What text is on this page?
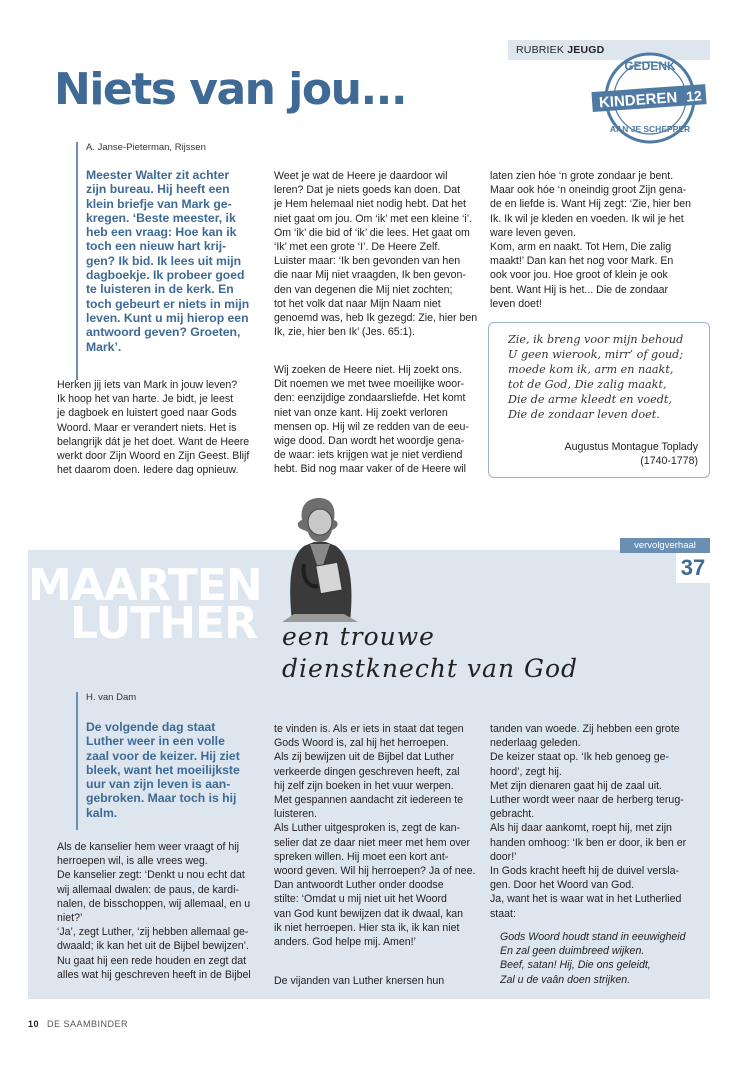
RUBRIEK JEUGD
GEDENK
KINDEREN 12
AAN JE SCHEPPER
Niets van jou...
A. Janse-Pieterman, Rijssen
Meester Walter zit achter
zijn bureau. Hij heeft een
klein briefje van Mark ge-
kregen. ‘Beste meester, ik
heb een vraag: Hoe kan ik
toch een nieuw hart krij-
gen? Ik bid. Ik lees uit mijn
dagboekje. Ik probeer goed
te luisteren in de kerk. En
toch gebeurt er niets in mijn
leven. Kunt u mij hierop een
antwoord geven? Groeten,
Mark’.
Herken jij iets van Mark in jouw leven?
Ik hoop het van harte. Je bidt, je leest
je dagboek en luistert goed naar Gods
Woord. Maar er verandert niets. Het is
belangrijk dát je het doet. Want de Heere
werkt door Zijn Woord en Zijn Geest. Blijf
het daarom doen. Iedere dag opnieuw.
Weet je wat de Heere je daardoor wil
leren? Dat je niets goeds kan doen. Dat
je Hem helemaal niet nodig hebt. Dat het
niet gaat om jou. Om ‘ik’ met een kleine ‘i’.
Om ‘ik’ die bid of ‘ik’ die lees. Het gaat om
‘Ik’ met een grote ‘I’. De Heere Zelf.
Luister maar: ‘Ik ben gevonden van hen
die naar Mij niet vraagden, Ik ben gevon-
den van degenen die Mij niet zochten;
tot het volk dat naar Mijn Naam niet
genoemd was, heb Ik gezegd: Zie, hier ben
Ik, zie, hier ben Ik’ (Jes. 65:1).
Wij zoeken de Heere niet. Hij zoekt ons.
Dit noemen we met twee moeilijke woor-
den: eenzijdige zondaarsliefde. Het komt
niet van onze kant. Hij zoekt verloren
mensen op. Hij wil ze redden van de eeu-
wige dood. Dan wordt het woordje gena-
de waar: iets krijgen wat je niet verdiend
hebt. Bid nog maar vaker of de Heere wil
laten zien hóe ‘n grote zondaar je bent.
Maar ook hóe ‘n oneindig groot Zijn gena-
de en liefde is. Want Hij zegt: ‘Zie, hier ben
Ik. Ik wil je kleden en voeden. Ik wil je het
ware leven geven.
Kom, arm en naakt. Tot Hem, Die zalig
maakt!’ Dan kan het nog voor Mark. En
ook voor jou. Hoe groot of klein je ook
bent. Want Hij is het... Die de zondaar
leven doet!
Zie, ik breng voor mijn behoud
U geen wierook, mirr’ of goud;
moede kom ik, arm en naakt,
tot de God, Die zalig maakt,
Die de arme kleedt en voedt,
Die de zondaar leven doet.
Augustus Montague Toplady
(1740-1778)
vervolgverhaal
37
MAARTEN
LUTHER een trouwe
dienstknecht van God
H. van Dam
De volgende dag staat
Luther weer in een volle
zaal voor de keizer. Hij ziet
bleek, want het moeilijkste
uur van zijn leven is aan-
gebroken. Maar toch is hij
kalm.
Als de kanselier hem weer vraagt of hij
herroepen wil, is alle vrees weg.
De kanselier zegt: ‘Denkt u nou echt dat
wij allemaal dwalen: de paus, de kardi-
nalen, de bisschoppen, wij allemaal, en u
niet?’
‘Ja’, zegt Luther, ‘zij hebben allemaal ge-
dwaald; ik kan het uit de Bijbel bewijzen’.
Nu gaat hij een rede houden en zegt dat
alles wat hij geschreven heeft in de Bijbel
te vinden is. Als er iets in staat dat tegen
Gods Woord is, zal hij het herroepen.
Als zij bewijzen uit de Bijbel dat Luther
verkeerde dingen geschreven heeft, zal
hij zelf zijn boeken in het vuur werpen.
Met gespannen aandacht zit iedereen te
luisteren.
Als Luther uitgesproken is, zegt de kan-
selier dat ze daar niet meer met hem over
spreken willen. Hij moet een kort ant-
woord geven. Wil hij herroepen? Ja of nee.
Dan antwoordt Luther onder doodse
stilte: ‘Omdat u mij niet uit het Woord
van God kunt bewijzen dat ik dwaal, kan
ik niet herroepen. Hier sta ik, ik kan niet
anders. God helpe mij. Amen!’
De vijanden van Luther knersen hun
tanden van woede. Zij hebben een grote
nederlaag geleden.
De keizer staat op. ‘Ik heb genoeg ge-
hoord’, zegt hij.
Met zijn dienaren gaat hij de zaal uit.
Luther wordt weer naar de herberg terug-
gebracht.
Als hij daar aankomt, roept hij, met zijn
handen omhoog: ‘Ik ben er door, ik ben er
door!’
In Gods kracht heeft hij de duivel versla-
gen. Door het Woord van God.
Ja, want het is waar wat in het Lutherlied
staat:
Gods Woord houdt stand in eeuwigheid
En zal geen duimbreed wijken.
Beef, satan! Hij, Die ons geleidt,
Zal u de vaân doen strijken.
10 DE SAAMBINDER
